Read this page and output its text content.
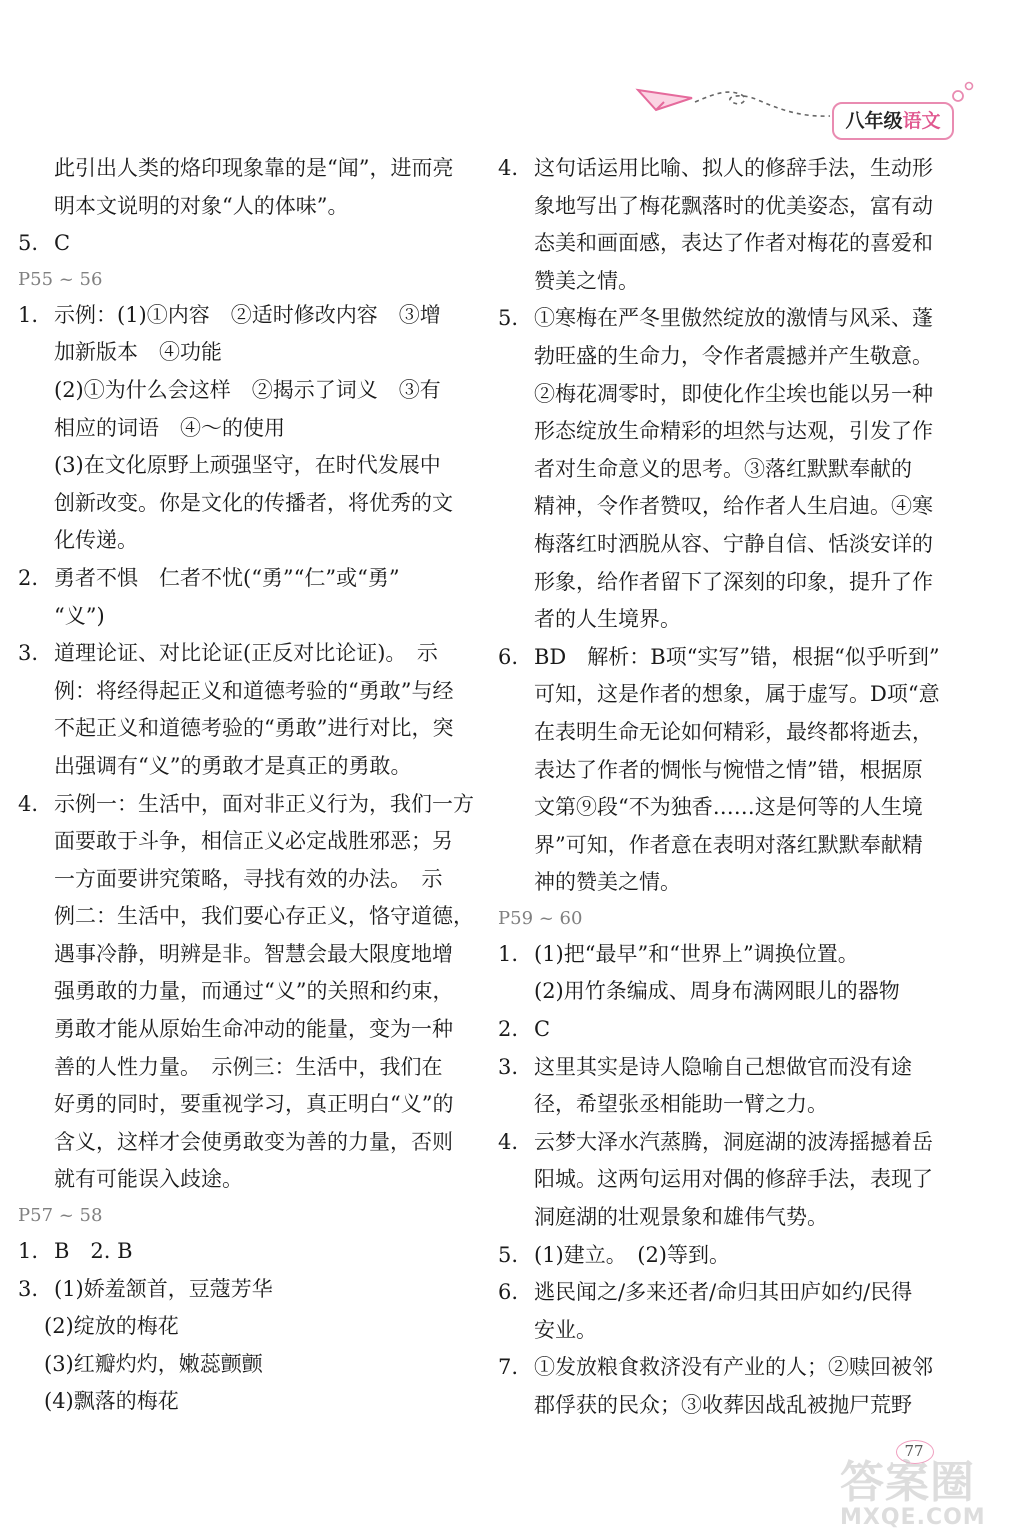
八年级语文
此引出人类的烙印现象靠的是“闻”，进而亮
明本文说明的对象“人的体味”。
5. C
P55 ~ 56
1. 示例：(1)①内容　②适时修改内容　③增
加新版本　④功能
(2)①为什么会这样　②揭示了词义　③有
相应的词语　④～的使用
(3)在文化原野上顽强坚守，在时代发展中
创新改变。你是文化的传播者，将优秀的文
化传递。
2. 勇者不惧　仁者不忧(“勇”“仁”或“勇”
“义”)
3. 道理论证、对比论证(正反对比论证)。　示
例：将经得起正义和道德考验的“勇敢”与经
不起正义和道德考验的“勇敢”进行对比，突
出强调有“义”的勇敢才是真正的勇敢。
4. 示例一：生活中，面对非正义行为，我们一方
面要敢于斗争，相信正义必定战胜邪恶；另
一方面要讲究策略，寻找有效的办法。　示
例二：生活中，我们要心存正义，恪守道德，
遇事冷静，明辨是非。智慧会最大限度地增
强勇敢的力量，而通过“义”的关照和约束，
勇敢才能从原始生命冲动的能量，变为一种
善的人性力量。　示例三：生活中，我们在
好勇的同时，要重视学习，真正明白“义”的
含义，这样才会使勇敢变为善的力量，否则
就有可能误入歧途。
P57 ~ 58
1. B　2. B
3. (1)娇羞颔首，豆蔻芳华
(2)绽放的梅花
(3)红瓣灼灼，嫩蕊颤颤
(4)飘落的梅花
4. 这句话运用比喻、拟人的修辞手法，生动形
象地写出了梅花飘落时的优美姿态，富有动
态美和画面感，表达了作者对梅花的喜爱和
赞美之情。
5. ①寒梅在严冬里傲然绽放的激情与风采、蓬
勃旺盛的生命力，令作者震撼并产生敬意。
②梅花凋零时，即使化作尘埃也能以另一种
形态绽放生命精彩的坦然与达观，引发了作
者对生命意义的思考。③落红默默奉献的
精神，令作者赞叹，给作者人生启迪。④寒
梅落红时洒脱从容、宁静自信、恬淡安详的
形象，给作者留下了深刻的印象，提升了作
者的人生境界。
6. BD　解析：B项“实写”错，根据“似乎听到”
可知，这是作者的想象，属于虚写。D项“意
在表明生命无论如何精彩，最终都将逝去，
表达了作者的惆怅与惋惜之情”错，根据原
文第⑨段“不为独香……这是何等的人生境
界”可知，作者意在表明对落红默默奉献精
神的赞美之情。
P59 ~ 60
1. (1)把“最早”和“世界上”调换位置。
(2)用竹条编成、周身布满网眼儿的器物
2. C
3. 这里其实是诗人隐喻自己想做官而没有途
径，希望张丞相能助一臂之力。
4. 云梦大泽水汽蒸腾，洞庭湖的波涛摇撼着岳
阳城。这两句运用对偶的修辞手法，表现了
洞庭湖的壮观景象和雄伟气势。
5. (1)建立。　(2)等到。
6. 逃民闻之/多来还者/命归其田庐如约/民得
安业。
7. ①发放粮食救济没有产业的人；②赎回被邻
郡俘获的民众；③收葬因战乱被抛尸荒野
77
答案圈
MXQE.COM
